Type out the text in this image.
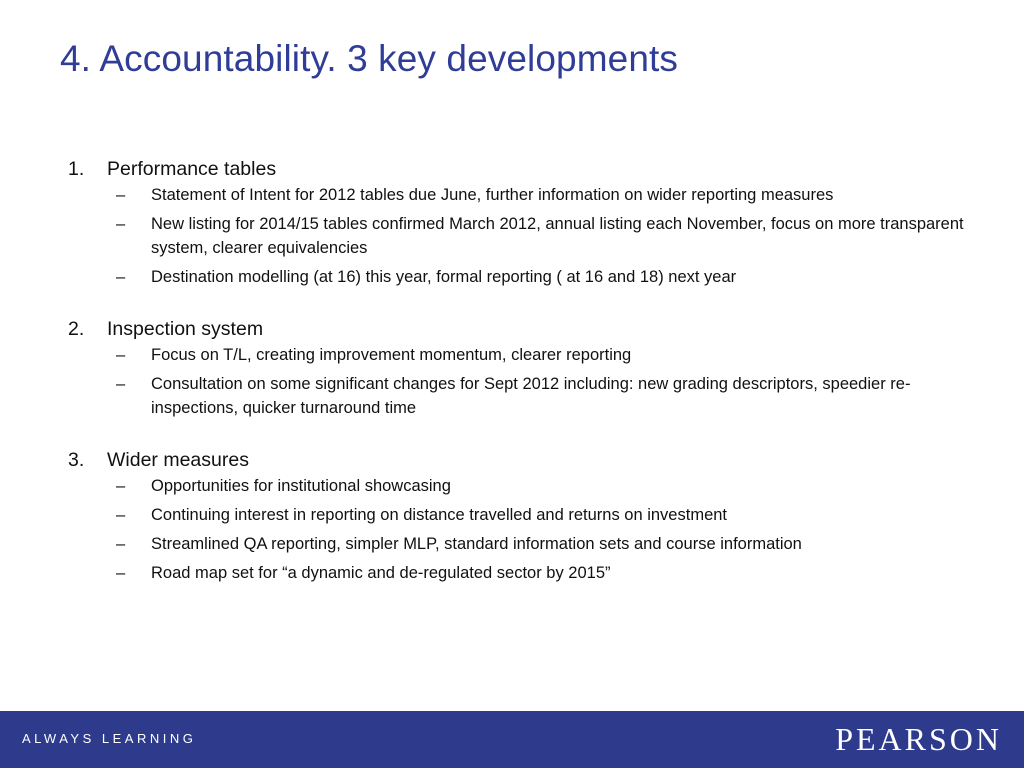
4. Accountability. 3 key developments
1.	Performance tables
–	Statement of Intent for 2012 tables due June, further information on wider reporting measures
–	New listing for 2014/15 tables confirmed March 2012, annual listing each November, focus on more transparent system, clearer equivalencies
–	Destination modelling (at 16) this year, formal reporting ( at 16 and 18) next year
2.	Inspection system
–	Focus on T/L, creating improvement momentum, clearer reporting
–	Consultation on some significant changes for Sept 2012 including: new grading descriptors, speedier re-inspections, quicker turnaround time
3.	Wider measures
–	Opportunities for institutional showcasing
–	Continuing interest in reporting on distance travelled and returns on investment
–	Streamlined QA reporting, simpler MLP, standard information sets and course information
–	Road map set for “a dynamic and de-regulated sector by 2015”
ALWAYS LEARNING	PEARSON
